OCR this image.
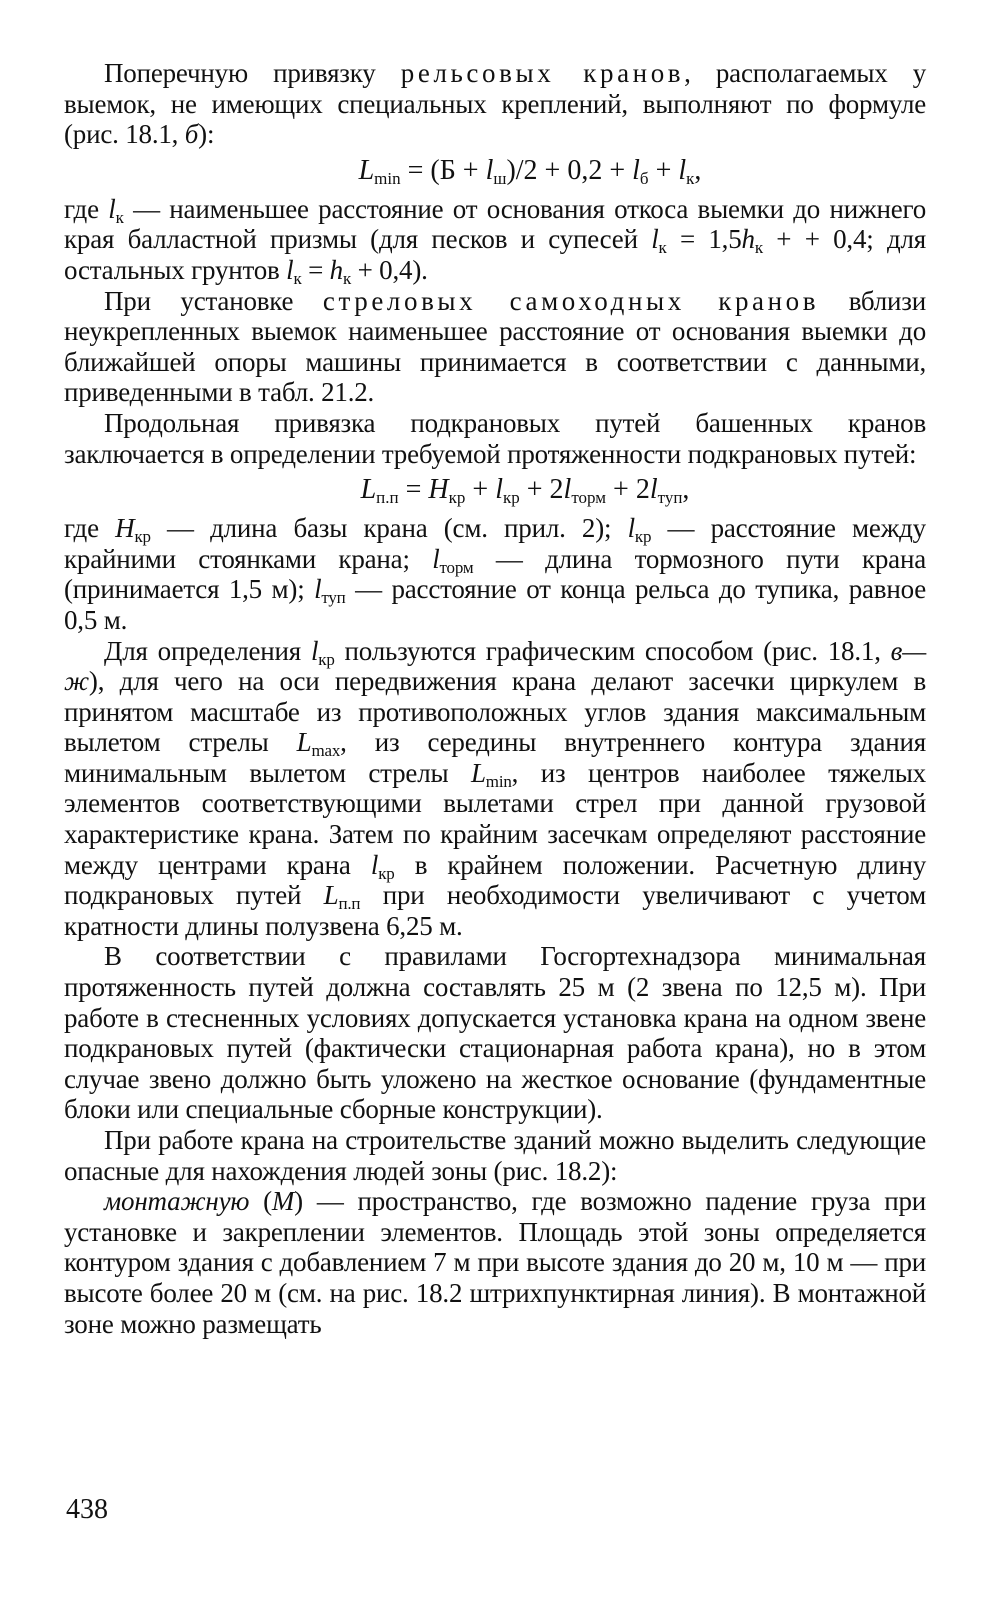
Поперечную привязку рельсовых кранов, располагаемых у выемок, не имеющих специальных креплений, выполняют по формуле (рис. 18.1, б):

$L_{min} = (Б + l_ш)/2 + 0,2 + l_б + l_к$,

где $l_к$ — наименьшее расстояние от основания откоса выемки до нижнего края балластной призмы (для песков и супесей $l_к = 1,5h_к$ + + 0,4; для остальных грунтов $l_к = h_к + 0,4$).

При установке стреловых самоходных кранов вблизи неукрепленных выемок наименьшее расстояние от основания выемки до ближайшей опоры машины принимается в соответствии с данными, приведенными в табл. 21.2.

Продольная привязка подкрановых путей башенных кранов заключается в определении требуемой протяженности подкрановых путей:

$L_{п.п} = H_{кр} + l_{кр} + 2l_{торм} + 2l_{туп}$,

где $H_{кр}$ — длина базы крана (см. прил. 2); $l_{кр}$ — расстояние между крайними стоянками крана; $l_{торм}$ — длина тормозного пути крана (принимается 1,5 м); $l_{туп}$ — расстояние от конца рельса до тупика, равное 0,5 м.

Для определения $l_{кр}$ пользуются графическим способом (рис. 18.1, в—ж), для чего на оси передвижения крана делают засечки циркулем в принятом масштабе из противоположных углов здания максимальным вылетом стрелы $L_{max}$, из середины внутреннего контура здания минимальным вылетом стрелы $L_{min}$, из центров наиболее тяжелых элементов соответствующими вылетами стрел при данной грузовой характеристике крана. Затем по крайним засечкам определяют расстояние между центрами крана $l_{кр}$ в крайнем положении. Расчетную длину подкрановых путей $L_{п.п}$ при необходимости увеличивают с учетом кратности длины полузвена 6,25 м.

В соответствии с правилами Госгортехнадзора минимальная протяженность путей должна составлять 25 м (2 звена по 12,5 м). При работе в стесненных условиях допускается установка крана на одном звене подкрановых путей (фактически стационарная работа крана), но в этом случае звено должно быть уложено на жесткое основание (фундаментные блоки или специальные сборные конструкции).

При работе крана на строительстве зданий можно выделить следующие опасные для нахождения людей зоны (рис. 18.2):

монтажную (М) — пространство, где возможно падение груза при установке и закреплении элементов. Площадь этой зоны определяется контуром здания с добавлением 7 м при высоте здания до 20 м, 10 м — при высоте более 20 м (см. на рис. 18.2 штрихпунктирная линия). В монтажной зоне можно размещать

438
